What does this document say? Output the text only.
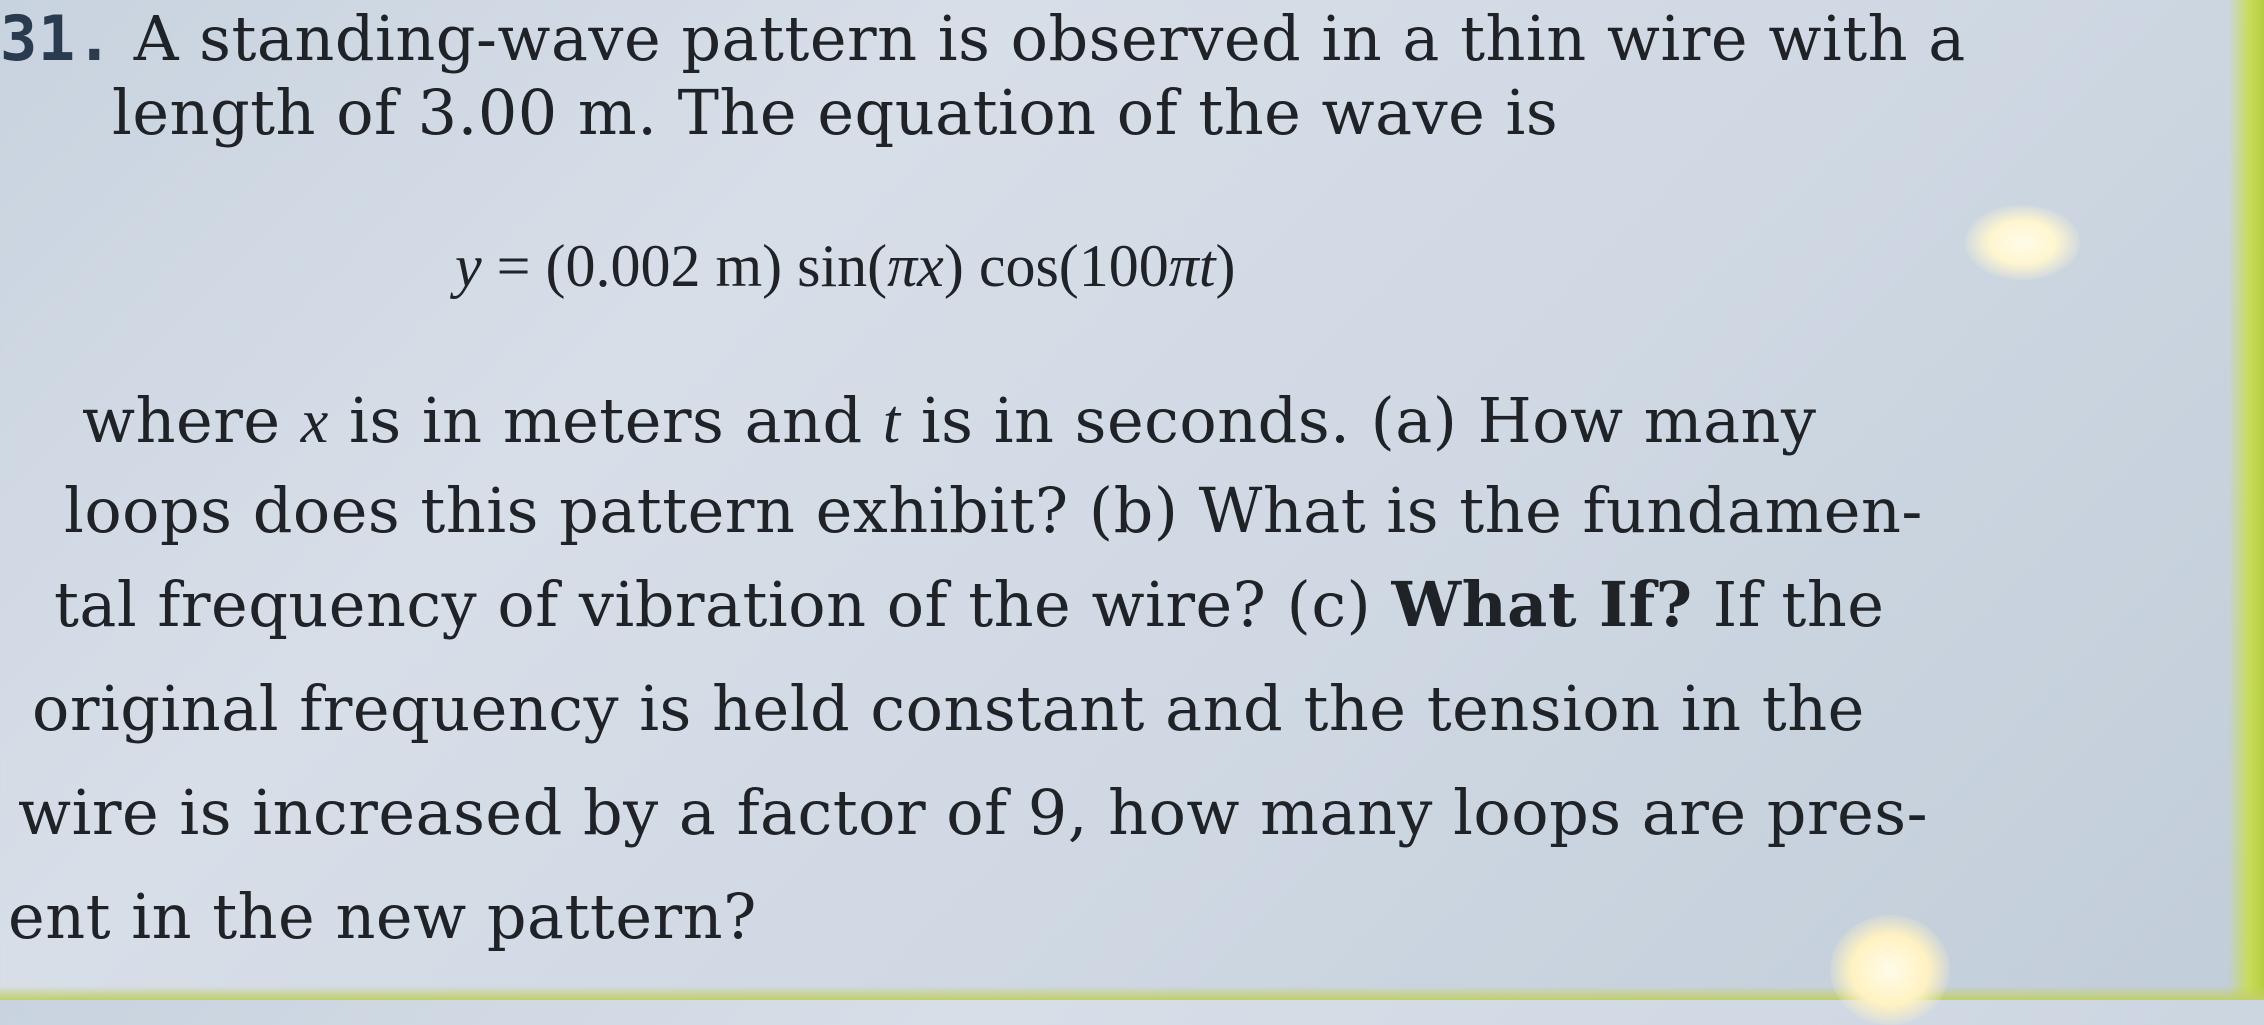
31. A standing-wave pattern is observed in a thin wire with a
length of 3.00 m. The equation of the wave is
y = (0.002 m) sin(πx) cos(100πt)
where x is in meters and t is in seconds. (a) How many
loops does this pattern exhibit? (b) What is the fundamen-
tal frequency of vibration of the wire? (c) What If? If the
original frequency is held constant and the tension in the
wire is increased by a factor of 9, how many loops are pres-
ent in the new pattern?
